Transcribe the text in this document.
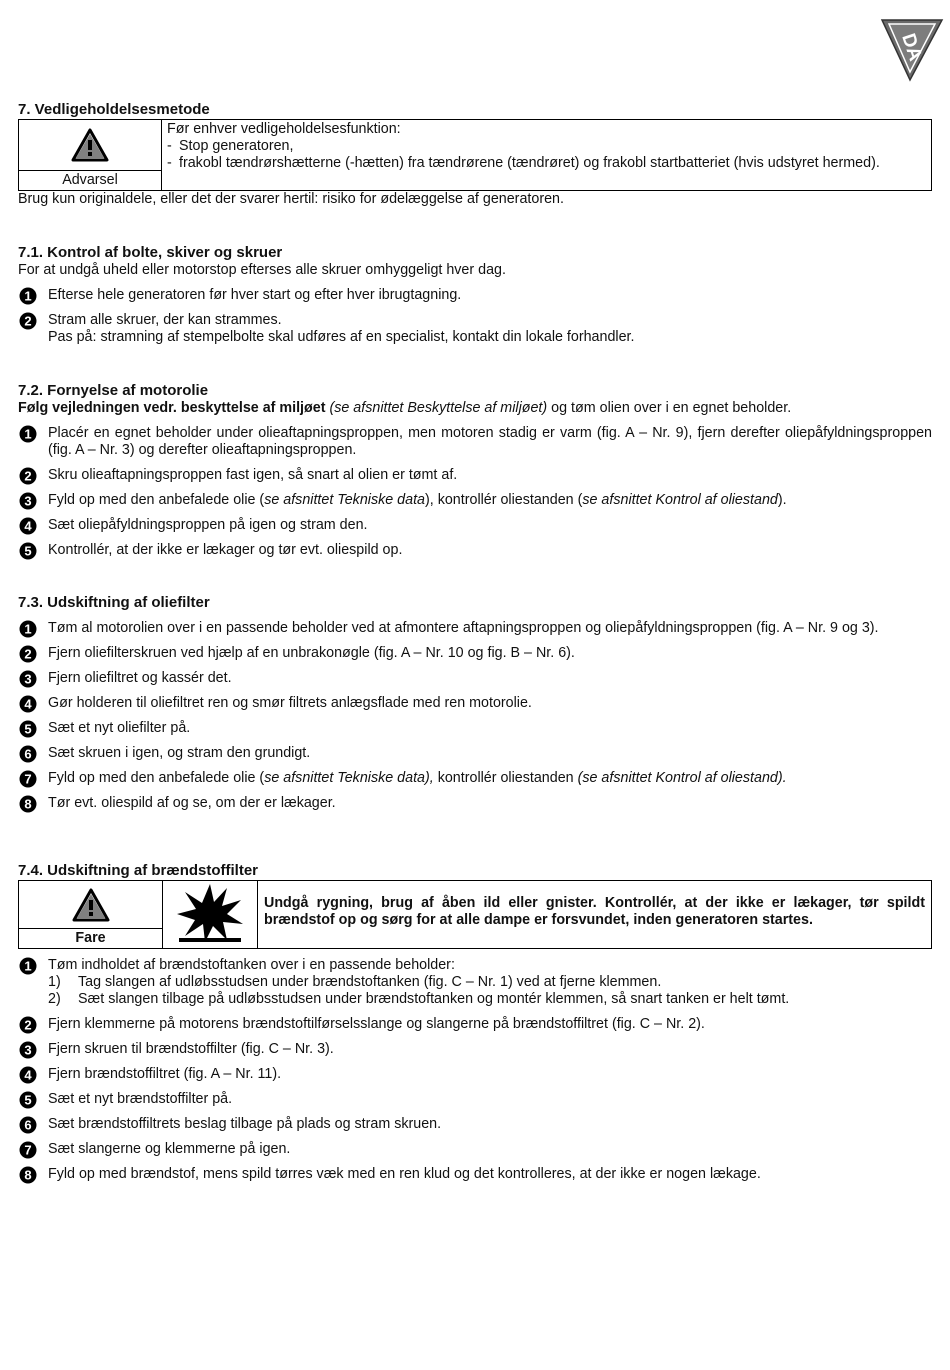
DA
7. Vedligeholdelsesmetode
Advarsel

Før enhver vedligeholdelsesfunktion:
- Stop generatoren,
- frakobl tændrørshætterne (-hætten) fra tændrørene (tændrøret) og frakobl startbatteriet (hvis udstyret hermed).

Brug kun originaldele, eller det der svarer hertil: risiko for ødelæggelse af generatoren.

7.1. Kontrol af bolte, skiver og skruer

For at undgå uheld eller motorstop efterses alle skruer omhyggeligt hver dag.

1 Efterse hele generatoren før hver start og efter hver ibrugtagning.
2 Stram alle skruer, der kan strammes.
Pas på: stramning af stempelbolte skal udføres af en specialist, kontakt din lokale forhandler.
7.2. Fornyelse af motorolie

Følg vejledningen vedr. beskyttelse af miljøet (se afsnittet Beskyttelse af miljøet) og tøm olien over i en egnet beholder.

1 Placér en egnet beholder under olieaftapningsproppen, men motoren stadig er varm (fig. A – Nr. 9), fjern derefter oliepåfyldningsproppen (fig. A – Nr. 3) og derefter olieaftapningsproppen.
2 Skru olieaftapningsproppen fast igen, så snart al olien er tømt af.
3 Fyld op med den anbefalede olie (se afsnittet Tekniske data), kontrollér oliestanden (se afsnittet Kontrol af oliestand).
4 Sæt oliepåfyldningsproppen på igen og stram den.
5 Kontrollér, at der ikke er lækager og tør evt. oliespild op.
7.3. Udskiftning af oliefilter
1 Tøm al motorolien over i en passende beholder ved at afmontere aftapningsproppen og oliepåfyldningsproppen (fig. A – Nr. 9 og 3).
2 Fjern oliefilterskruen ved hjælp af en unbrakonøgle (fig. A – Nr. 10 og fig. B – Nr. 6).
3 Fjern oliefiltret og kassér det.
4 Gør holderen til oliefiltret ren og smør filtrets anlægsflade med ren motorolie.
5 Sæt et nyt oliefilter på.
6 Sæt skruen i igen, og stram den grundigt.
7 Fyld op med den anbefalede olie (se afsnittet Tekniske data), kontrollér oliestanden (se afsnittet Kontrol af oliestand).
8 Tør evt. oliespild af og se, om der er lækager.
7.4. Udskiftning af brændstoffilter
Fare
		Undgå rygning, brug af åben ild eller gnister. Kontrollér, at der ikke er lækager, tør spildt brændstof op og sørg for at alle dampe er forsvundet, inden generatoren startes.
1 Tøm indholdet af brændstoftanken over i en passende beholder:
1)	Tag slangen af udløbsstudsen under brændstoftanken (fig. C – Nr. 1) ved at fjerne klemmen.
2)	Sæt slangen tilbage på udløbsstudsen under brændstoftanken og montér klemmen, så snart tanken er helt tømt.
2 Fjern klemmerne på motorens brændstoftilførselsslange og slangerne på brændstoffiltret (fig. C – Nr. 2).
3 Fjern skruen til brændstoffilter (fig. C – Nr. 3).
4 Fjern brændstoffiltret (fig. A – Nr. 11).
5 Sæt et nyt brændstoffilter på.
6 Sæt brændstoffiltrets beslag tilbage på plads og stram skruen.
7 Sæt slangerne og klemmerne på igen.
8 Fyld op med brændstof, mens spild tørres væk med en ren klud og det kontrolleres, at der ikke er nogen lækage.
